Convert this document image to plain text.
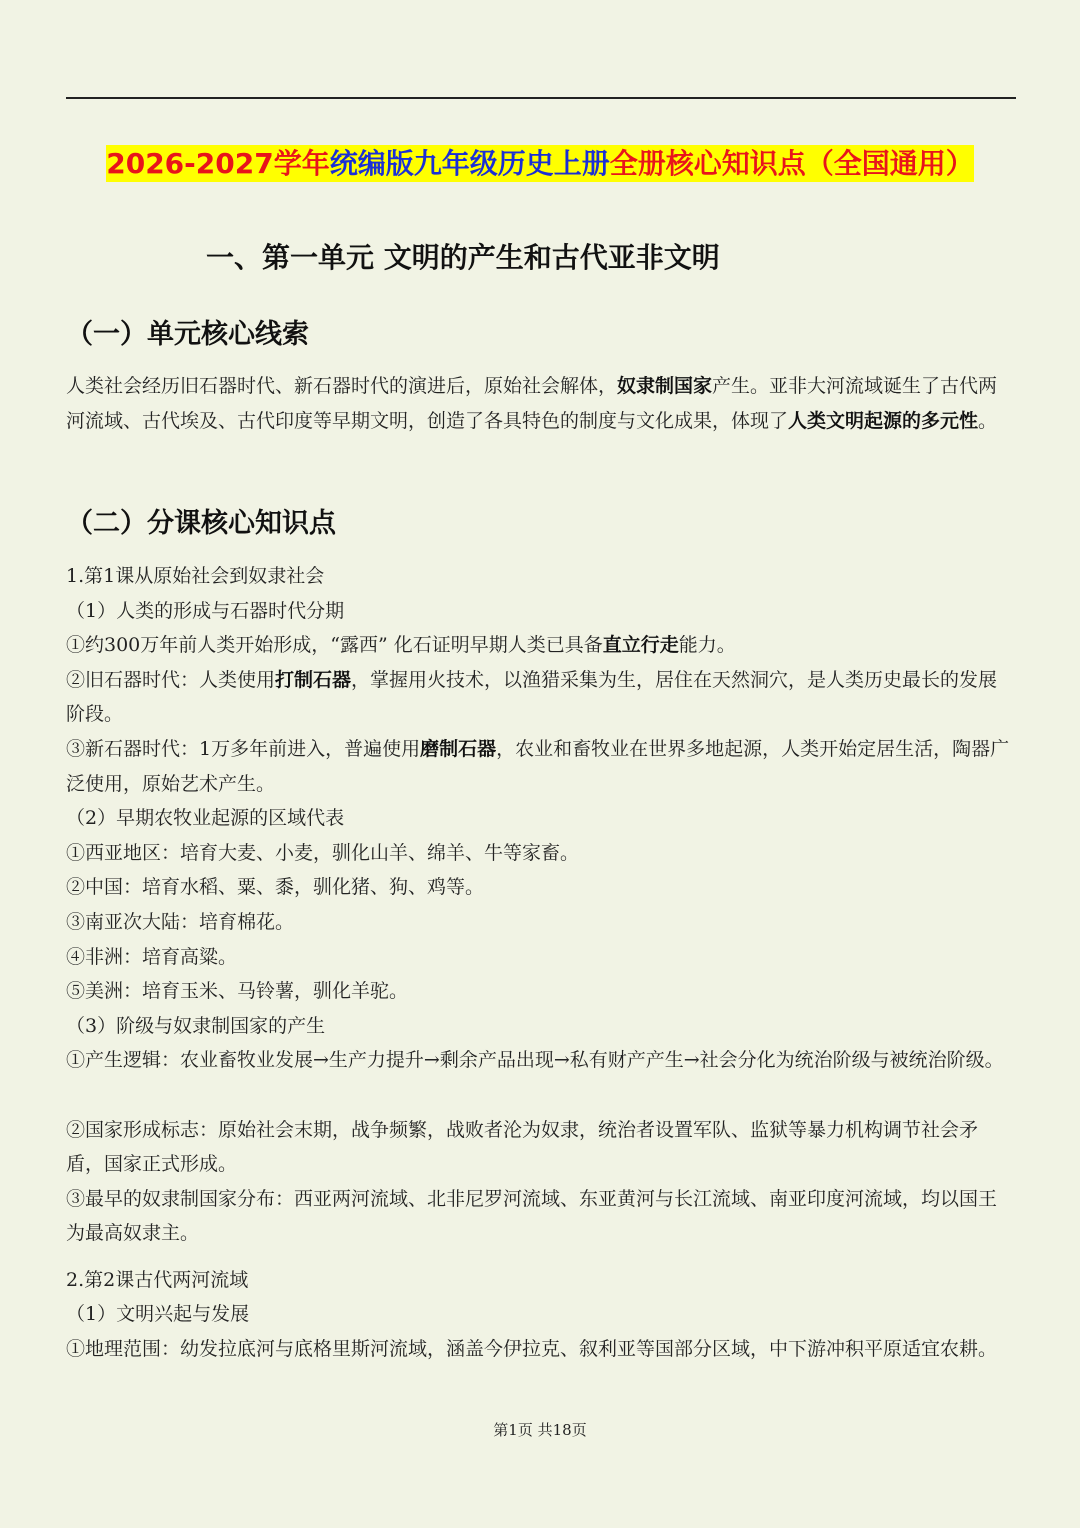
2026-2027学年统编版九年级历史上册全册核心知识点（全国通用）
一、第一单元 文明的产生和古代亚非文明
（一）单元核心线索
人类社会经历旧石器时代、新石器时代的演进后，原始社会解体，奴隶制国家产生。亚非大河流域诞生了古代两河流域、古代埃及、古代印度等早期文明，创造了各具特色的制度与文化成果，体现了人类文明起源的多元性。
（二）分课核心知识点
1.第1课从原始社会到奴隶社会
（1）人类的形成与石器时代分期
①约300万年前人类开始形成，“露西” 化石证明早期人类已具备直立行走能力。
②旧石器时代：人类使用打制石器，掌握用火技术，以渔猎采集为生，居住在天然洞穴，是人类历史最长的发展阶段。
③新石器时代：1万多年前进入，普遍使用磨制石器，农业和畜牧业在世界多地起源，人类开始定居生活，陶器广泛使用，原始艺术产生。
（2）早期农牧业起源的区域代表
①西亚地区：培育大麦、小麦，驯化山羊、绵羊、牛等家畜。
②中国：培育水稻、粟、黍，驯化猪、狗、鸡等。
③南亚次大陆：培育棉花。
④非洲：培育高粱。
⑤美洲：培育玉米、马铃薯，驯化羊驼。
（3）阶级与奴隶制国家的产生
①产生逻辑：农业畜牧业发展→生产力提升→剩余产品出现→私有财产产生→社会分化为统治阶级与被统治阶级。
②国家形成标志：原始社会末期，战争频繁，战败者沦为奴隶，统治者设置军队、监狱等暴力机构调节社会矛盾，国家正式形成。
③最早的奴隶制国家分布：西亚两河流域、北非尼罗河流域、东亚黄河与长江流域、南亚印度河流域，均以国王为最高奴隶主。
2.第2课古代两河流域
（1）文明兴起与发展
①地理范围：幼发拉底河与底格里斯河流域，涵盖今伊拉克、叙利亚等国部分区域，中下游冲积平原适宜农耕。
第1页 共18页
